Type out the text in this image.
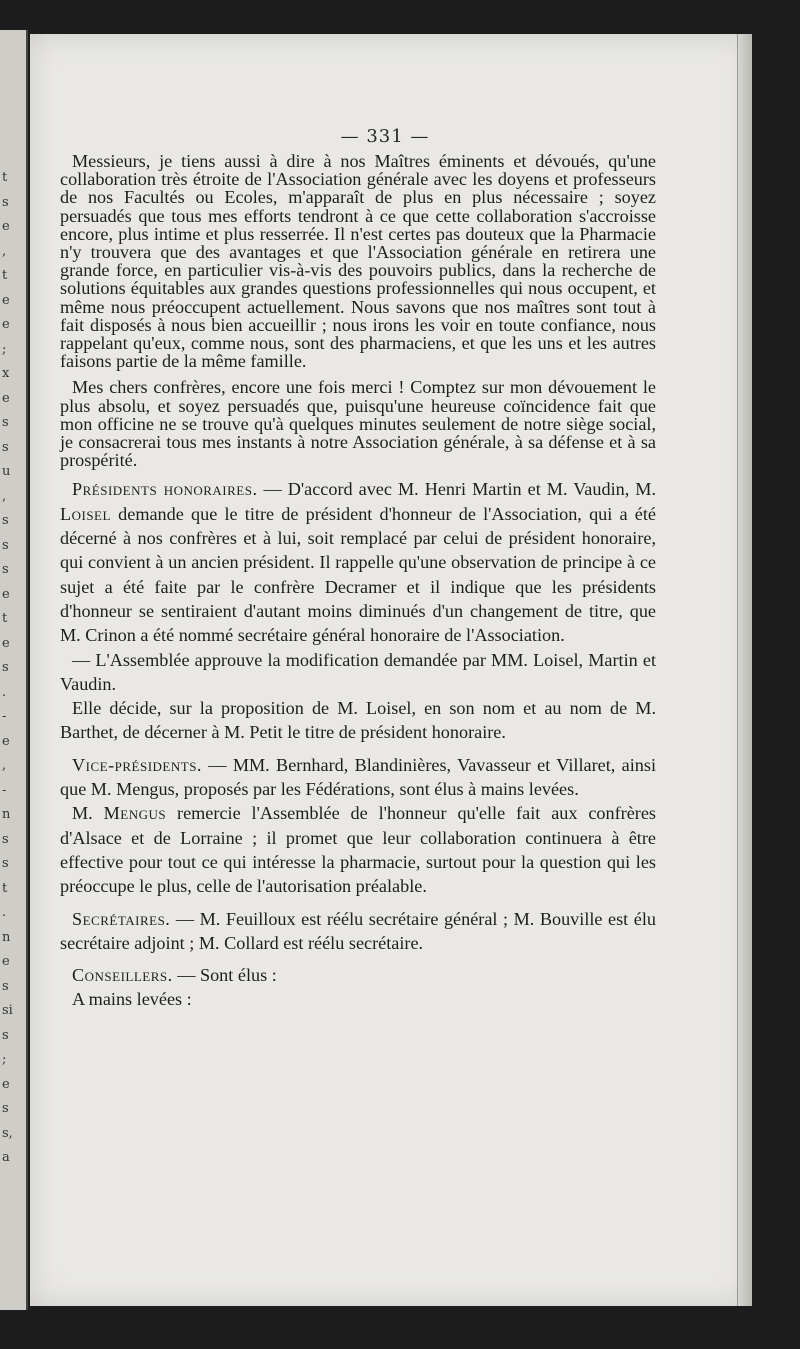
t
s
e
,
t
e
e
;
x
e
s
s
u
,
s
s
s
e
t
e
s
.
-
e
,
-
n
s
s
t
.
n
e
s
si
s
;
e
s
s,
a
— 331 —

Messieurs, je tiens aussi à dire à nos Maîtres éminents et dévoués, qu'une collaboration très étroite de l'Association générale avec les doyens et professeurs de nos Facultés ou Ecoles, m'apparaît de plus en plus nécessaire ; soyez persuadés que tous mes efforts tendront à ce que cette collaboration s'accroisse encore, plus intime et plus resserrée. Il n'est certes pas douteux que la Pharmacie n'y trouvera que des avantages et que l'Association générale en retirera une grande force, en particulier vis-à-vis des pouvoirs publics, dans la recherche de solutions équitables aux grandes questions professionnelles qui nous occupent, et même nous préoccupent actuellement. Nous savons que nos maîtres sont tout à fait disposés à nous bien accueillir ; nous irons les voir en toute confiance, nous rappelant qu'eux, comme nous, sont des pharmaciens, et que les uns et les autres faisons partie de la même famille.

Mes chers confrères, encore une fois merci ! Comptez sur mon dévouement le plus absolu, et soyez persuadés que, puisqu'une heureuse coïncidence fait que mon officine ne se trouve qu'à quelques minutes seulement de notre siège social, je consacrerai tous mes instants à notre Association générale, à sa défense et à sa prospérité.

Présidents honoraires. — D'accord avec M. Henri Martin et M. Vaudin, M. Loisel demande que le titre de président d'honneur de l'Association, qui a été décerné à nos confrères et à lui, soit remplacé par celui de président honoraire, qui convient à un ancien président. Il rappelle qu'une observation de principe à ce sujet a été faite par le confrère Decramer et il indique que les présidents d'honneur se sentiraient d'autant moins diminués d'un changement de titre, que M. Crinon a été nommé secrétaire général honoraire de l'Association.

— L'Assemblée approuve la modification demandée par MM. Loisel, Martin et Vaudin.

Elle décide, sur la proposition de M. Loisel, en son nom et au nom de M. Barthet, de décerner à M. Petit le titre de président honoraire.

Vice-présidents. — MM. Bernhard, Blandinières, Vavasseur et Villaret, ainsi que M. Mengus, proposés par les Fédérations, sont élus à mains levées.

M. Mengus remercie l'Assemblée de l'honneur qu'elle fait aux confrères d'Alsace et de Lorraine ; il promet que leur collaboration continuera à être effective pour tout ce qui intéresse la pharmacie, surtout pour la question qui les préoccupe le plus, celle de l'autorisation préalable.

Secrétaires. — M. Feuilloux est réélu secrétaire général ; M. Bouville est élu secrétaire adjoint ; M. Collard est réélu secrétaire.

Conseillers. — Sont élus :

A mains levées :
